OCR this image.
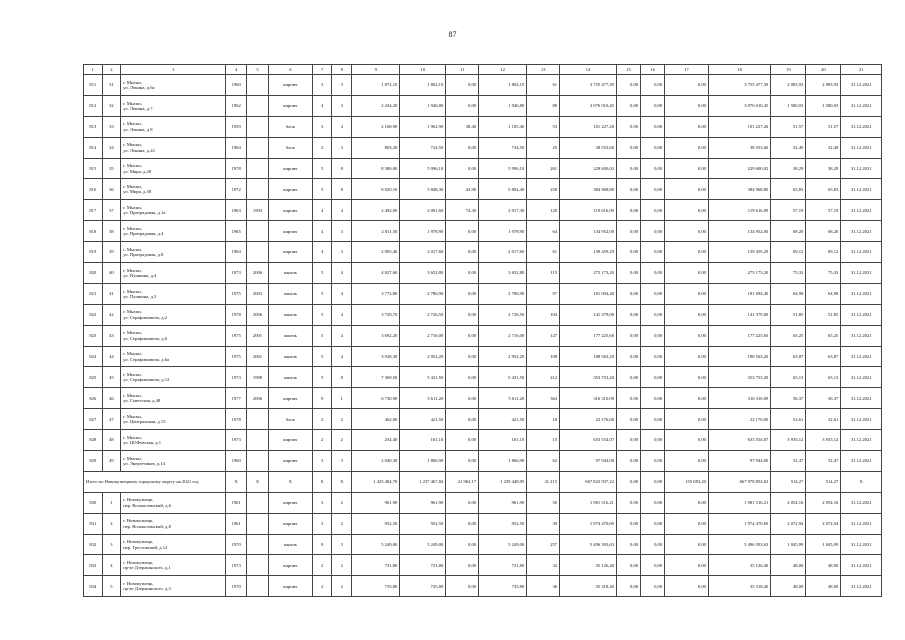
87
1	2	3	4	5	6	7	8	9	10	11	12	13	14	15	16	17	18	19	20	21
811	31	г. Мыски,
ул. Ленина, д.6а	1960		кирпич	3	3	1 872,10	1 802,10	0,00	1 802,10	61	3 755 477,39	0,00	0,00	0,00	3 755 477,39	2 083,93	2 083,93	31.12.2021
812	32	г. Мыски,
ул. Ленина, д.7	1962		кирпич	4	3	2 434,20	1 946,80	0,00	1 946,80	80	3 076 010,45	0,00	0,00	0,00	3 076 010,45	1 580,03	1 580,03	31.12.2021
813	33	г. Мыски,
ул. Ленина, д.8	1959		блок	3	4	2 168,90	1 962,90	38,40	1 185,40	53	101 227,26	0,00	0,00	0,00	101 227,26	51,57	51,57	31.12.2021
814	34	г. Мыски,
ул. Ленина, д.22	1964		блок	2	3	803,20	734,50	0,00	734,50	25	38 553,60	0,00	0,00	0,00	38 553,60	52,49	52,49	31.12.2021
815	35	г. Мыски,
ул. Мира, д.28	1978		кирпич	5	8	8 380,00	5 996,10	0,00	5 996,10	261	229 600,02	0,00	0,00	0,00	229 600,02	38,29	38,29	31.12.2021
816	36	г. Мыски,
ул. Мира, д.38	1972		кирпич	5	8	8 920,10	5 848,30	43,90	5 804,40	258	384 968,80	0,00	0,00	0,00	384 968,80	65,83	65,83	31.12.2021
817	37	г. Мыски,
ул. Притрадовая, д.1а	1963	1993	кирпич	4	4	2 492,00	2 091,60	74,30	2 017,30	120	119 616,09	0,00	0,00	0,00	119 616,09	57,19	57,19	31.12.2021
818	38	г. Мыски,
ул. Притрадовая, д.4	1965		кирпич	4	3	2 811,50	1 978,90	0,00	1 978,90	64	134 952,00	0,00	0,00	0,00	134 952,00	68,20	68,20	31.12.2021
819	39	г. Мыски,
ул. Притрадовая, д.8	1964		кирпич	4	3	2 905,46	2 017,60	0,00	2 017,60	61	139 459,29	0,00	0,00	0,00	139 459,29	69,12	69,12	31.12.2021
820	40	г. Мыски,
ул. Пушкина, д.4	1973	2006	панель	5	4	4 827,60	3 652,80	0,00	3 652,80	115	275 173,20	0,00	0,00	0,00	275 173,20	75,33	75,33	31.12.2021
821	41	г. Мыски,
ул. Пушкина, д.5	1975	2003	панель	5	4	3 772,80	2 786,90	0,00	2 786,90	97	181 094,40	0,00	0,00	0,00	181 094,40	64,98	64,98	31.12.2021
822	42	г. Мыски,
ул. Серафимовича, д.2	1978	2006	панель	5	4	3 729,70	2 726,50	0,00	2 726,50	104	141 379,00	0,00	0,00	0,00	141 379,00	51,85	51,85	31.12.2021
823	43	г. Мыски,
ул. Серафимовича, д.6	1975	2001	панель	5	4	3 692,20	2 716,00	0,00	2 716,00	127	177 225,60	0,00	0,00	0,00	177 225,60	65,25	65,25	31.12.2021
824	44	г. Мыски,
ул. Серафимовича, д.6а	1975	2001	панель	5	4	3 928,30	2 952,20	0,00	2 952,20	108	188 563,20	0,00	0,00	0,00	188 563,20	63,87	63,87	31.12.2021
825	45	г. Мыски,
ул. Серафимовича, д.12	1973	1998	панель	5	8	7 369,50	5 431,50	0,00	5 431,50	212	353 753,20	0,00	0,00	0,00	353 753,20	65,13	65,13	31.12.2021
826	46	г. Мыски,
ул. Советская, д.48	1977	2006	кирпич	9	1	6 730,90	5 611,20	0,00	5 611,20	364	316 310,09	0,00	0,00	0,00	316 310,09	56,37	56,37	31.12.2021
827	47	г. Мыски,
ул. Центральная, д.15	1978		блок	2	2	462,00	421,50	0,00	421,50	18	22 176,00	0,00	0,00	0,00	22 176,00	52,61	52,61	31.12.2021
828	48	г. Мыски,
ул. ЦОФовская, д.1	1973		кирпич	2	2	254,40	161,10	0,00	161,10	15	633 554,07	0,00	0,00	0,00	633 554,07	3 935,12	3 935,12	31.12.2021
829	49	г. Мыски,
ул. Энергетиков, д.14	1960		кирпич	3	3	2 040,30	1 866,90	0,00	1 866,90	62	97 944,00	0,00	0,00	0,00	97 944,00	52,47	52,47	31.12.2021
Итого по Новокузнецкому городскому округу на 2021 год			X	X	X	X	X	1 425 484,70	1 237 467,84	21 963,17	1 239 448,95	41 215	667 823 937,22	0,00	0,00	155 083,20	667 978 854,02	514,27	514,27	X
830	1	г. Новокузнецк,
пер. Волоколамский, д.6	1961		кирпич	3	2	961,90	961,90	0,00	961,90	50	1 981 516,21	0,00	0,00	0,00	1 981 516,21	2 054,16	2 054,16	31.12.2021
831	2	г. Новокузнецк,
пер. Волоколамский, д.8	1961		кирпич	3	2	952,50	952,50	0,00	952,50	39	1 974 470,69	0,00	0,00	0,00	1 974 470,69	2 072,94	2 072,94	31.12.2021
832	3	г. Новокузнецк,
пер. Трестовский, д.12	1970		панель	9	3	5 249,00	5 249,00	0,00	5 249,00	257	5 496 393,63	0,00	0,00	0,00	5 496 393,63	1 045,99	1 045,99	31.12.2021
833	4	г. Новокузнецк,
пр-кт Дзержинского, д.1	1973		кирпич	2	2	731,80	731,80	0,00	731,80	32	35 126,40	0,00	0,00	0,00	35 126,40	48,00	48,00	31.12.2021
834	5	г. Новокузнецк,
пр-кт Дзержинского, д.3	1970		кирпич	2	2	735,80	735,80	0,00	735,80	36	35 318,40	0,00	0,00	0,00	35 318,40	48,00	48,00	31.12.2021
